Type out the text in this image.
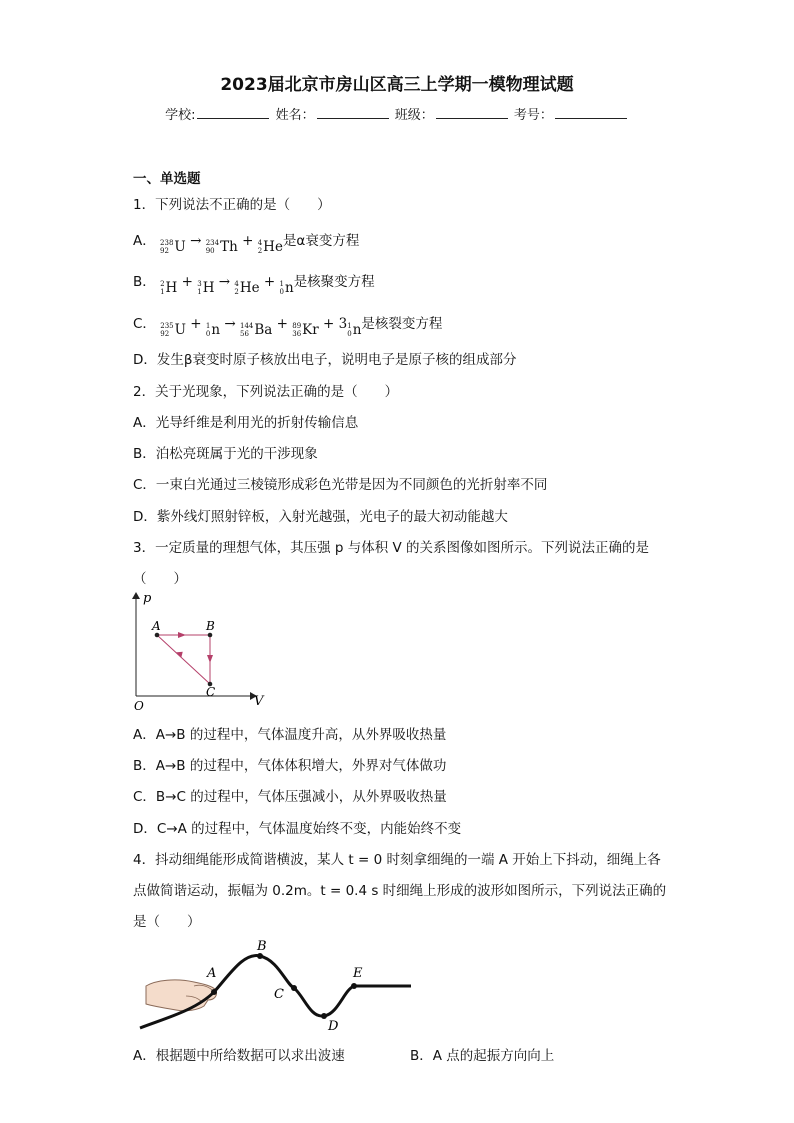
2023届北京市房山区高三上学期一模物理试题
学校:	姓名：	班级：	考号：
一、单选题
1．下列说法不正确的是（　　）
A． 238
92 U → 234
90 Th + 4
2 He 是α衰变方程
B． 2
1 H + 3
1 H → 4
2 He + 1
0 n 是核聚变方程
C． 235
92 U + 1
0 n → 144
56 Ba + 89
36 Kr + 3 1
0 n 是核裂变方程
D．发生β衰变时原子核放出电子，说明电子是原子核的组成部分
2．关于光现象，下列说法正确的是（　　）
A．光导纤维是利用光的折射传输信息
B．泊松亮斑属于光的干涉现象
C．一束白光通过三棱镜形成彩色光带是因为不同颜色的光折射率不同
D．紫外线灯照射锌板，入射光越强，光电子的最大初动能越大
3．一定质量的理想气体，其压强 p 与体积 V 的关系图像如图所示。下列说法正确的是
（　　）
p
V
O
A	B
C
A．A→B 的过程中，气体温度升高，从外界吸收热量
B．A→B 的过程中，气体体积增大，外界对气体做功
C．B→C 的过程中，气体压强减小，从外界吸收热量
D．C→A 的过程中，气体温度始终不变，内能始终不变
4．抖动细绳能形成简谐横波，某人 t = 0 时刻拿细绳的一端 A 开始上下抖动，细绳上各
点做简谐运动，振幅为 0.2m。t = 0.4 s 时细绳上形成的波形如图所示，下列说法正确的
是（　　）
A
B
C
D
E
A．根据题中所给数据可以求出波速	B．A 点的起振方向向上
